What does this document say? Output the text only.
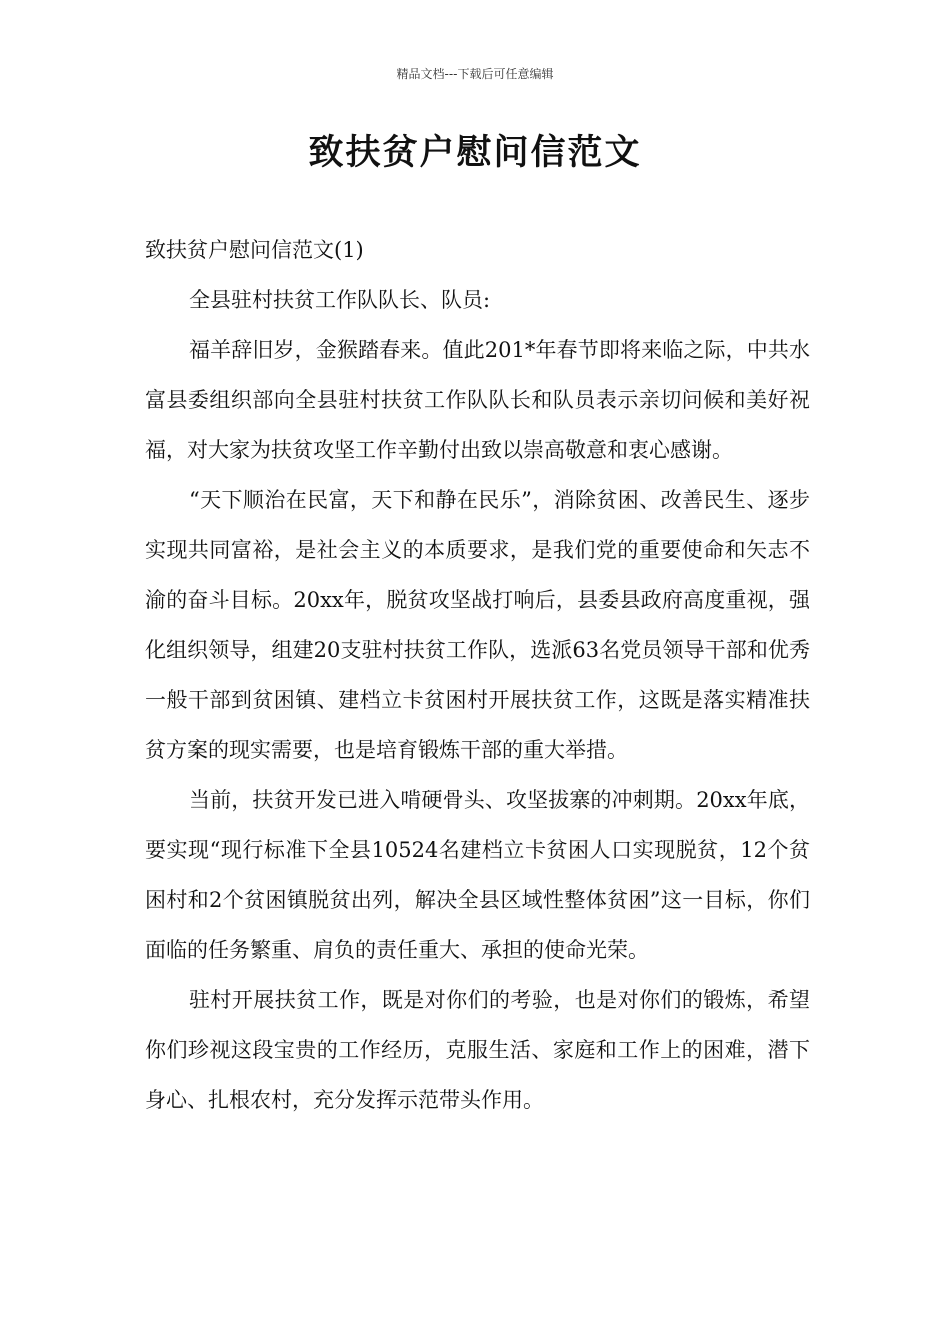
精品文档---下载后可任意编辑
致扶贫户慰问信范文

致扶贫户慰问信范文(1)

全县驻村扶贫工作队队长、队员:

福羊辞旧岁，金猴踏春来。值此201*年春节即将来临之际，中共水富县委组织部向全县驻村扶贫工作队队长和队员表示亲切问候和美好祝福，对大家为扶贫攻坚工作辛勤付出致以崇高敬意和衷心感谢。

“天下顺治在民富，天下和静在民乐”，消除贫困、改善民生、逐步实现共同富裕，是社会主义的本质要求，是我们党的重要使命和矢志不渝的奋斗目标。20xx年，脱贫攻坚战打响后，县委县政府高度重视，强化组织领导，组建20支驻村扶贫工作队，选派63名党员领导干部和优秀一般干部到贫困镇、建档立卡贫困村开展扶贫工作，这既是落实精准扶贫方案的现实需要，也是培育锻炼干部的重大举措。

当前，扶贫开发已进入啃硬骨头、攻坚拔寨的冲刺期。20xx年底，要实现“现行标准下全县10524名建档立卡贫困人口实现脱贫，12个贫困村和2个贫困镇脱贫出列，解决全县区域性整体贫困”这一目标，你们面临的任务繁重、肩负的责任重大、承担的使命光荣。

驻村开展扶贫工作，既是对你们的考验，也是对你们的锻炼，希望你们珍视这段宝贵的工作经历，克服生活、家庭和工作上的困难，潜下身心、扎根农村，充分发挥示范带头作用。
